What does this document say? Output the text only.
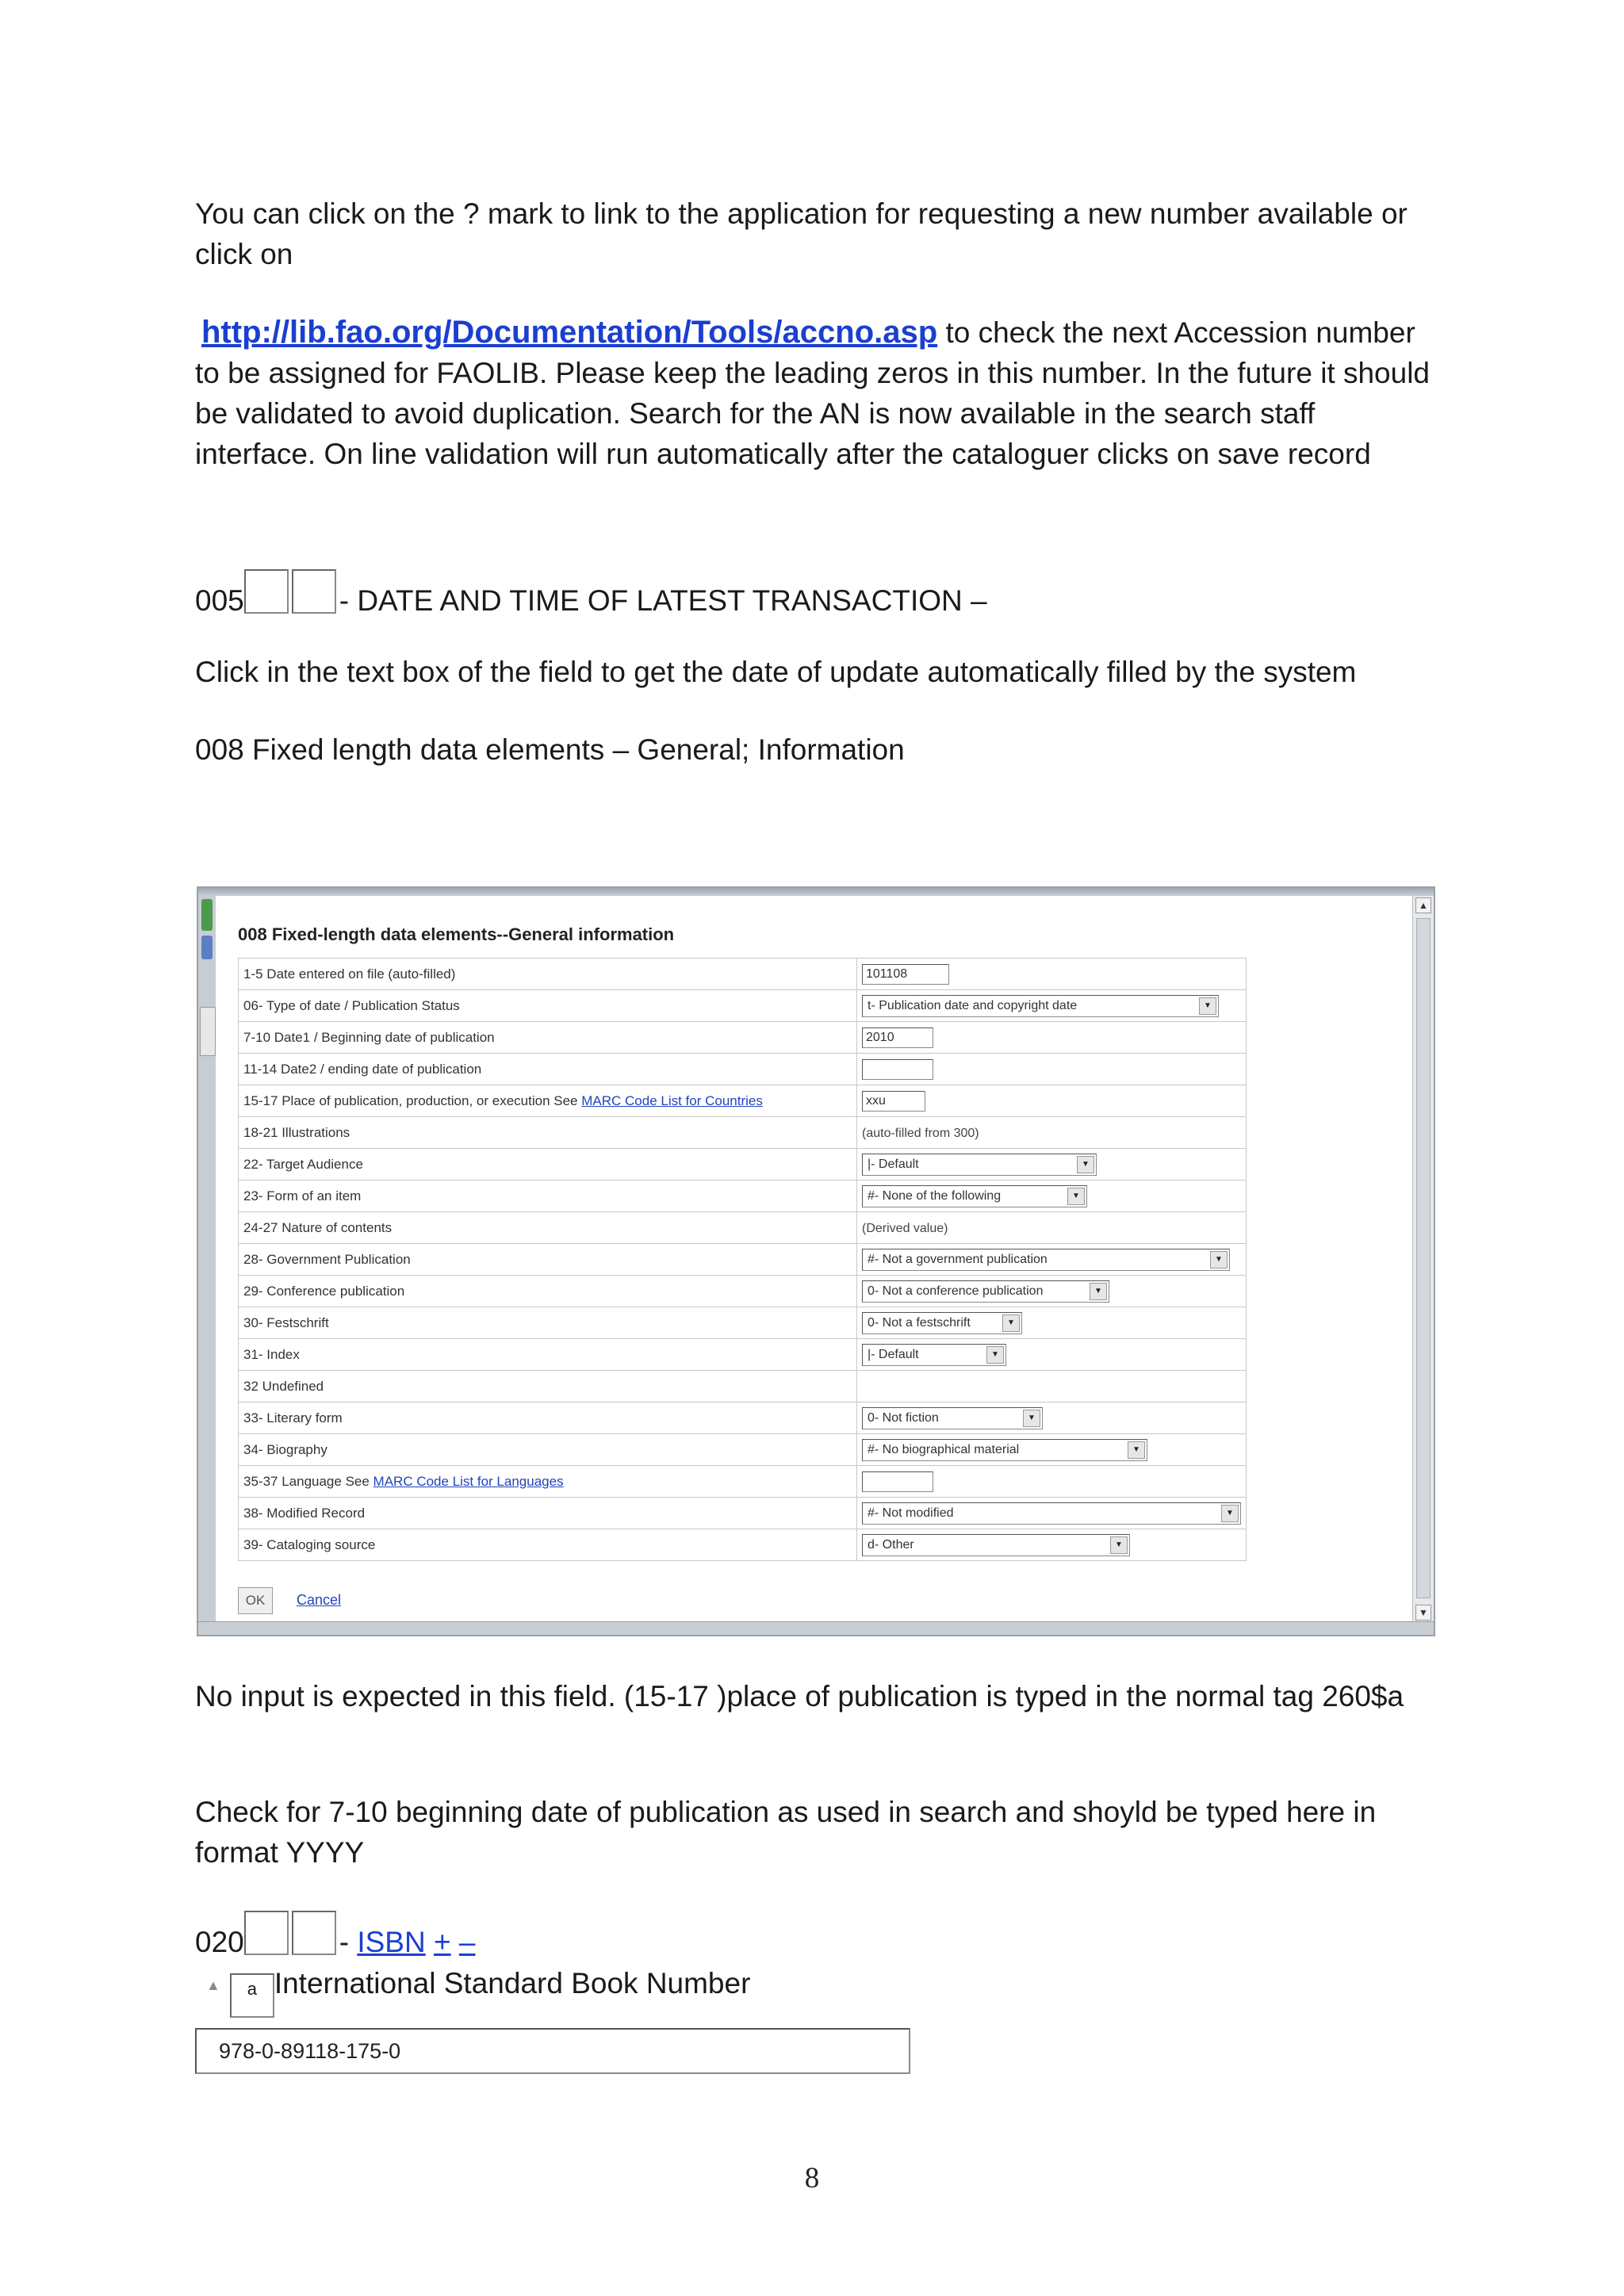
You can click on the ? mark to link to the application for requesting a new number available or click on
http://lib.fao.org/Documentation/Tools/accno.asp to check the next Accession number to be assigned for FAOLIB. Please keep the leading zeros in this number. In the future it should be validated to avoid duplication. Search for the AN is now available in the search staff interface. On line validation will run automatically after the cataloguer clicks on save record
005	- DATE AND TIME OF LATEST TRANSACTION –
Click in the text box of the field to get the date of update automatically filled by the system
008 Fixed length data elements – General; Information
008 Fixed-length data elements--General information
1-5 Date entered on file (auto-filled)	101108
06- Type of date / Publication Status	t- Publication date and copyright date ▼

7-10 Date1 / Beginning date of publication	2010
11-14 Date2 / ending date of publication	
15-17 Place of publication, production, or execution See MARC Code List for Countries	xxu
18-21 Illustrations	(auto-filled from 300)
22- Target Audience	|- Default ▼

23- Form of an item	#- None of the following ▼

24-27 Nature of contents	(Derived value)
28- Government Publication	#- Not a government publication ▼

29- Conference publication	0- Not a conference publication ▼

30- Festschrift	0- Not a festschrift ▼

31- Index	|- Default ▼

32 Undefined	
33- Literary form	0- Not fiction ▼

34- Biography	#- No biographical material ▼

35-37 Language See MARC Code List for Languages	
38- Modified Record	#- Not modified ▼

39- Cataloging source	d- Other ▼
OK	Cancel
▲
▼
No input is expected in this field. (15-17 )place of publication is typed in the normal tag 260$a
Check for 7-10 beginning date of publication as used in search and shoyld be typed here in format YYYY
020	- ISBN + –
▲ a International Standard Book Number
978-0-89118-175-0
8
